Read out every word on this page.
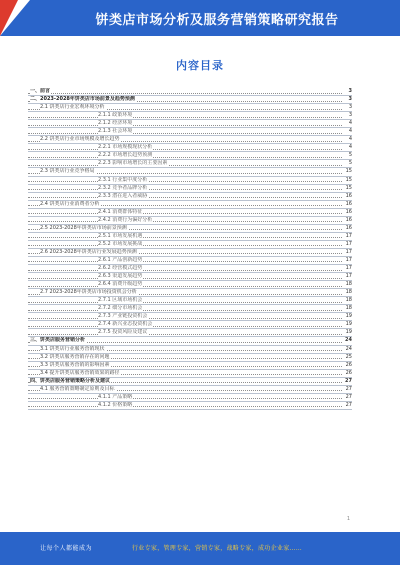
饼类店市场分析及服务营销策略研究报告
内容目录
一、前言	3
二、2023-2028年饼类店市场前景及趋势预测	3
2.1 饼类店行业宏观环境分析	3
2.1.1 政策环境	3
2.1.2 经济环境	4
2.1.3 社会环境	4
2.2 饼类店行业市场规模及增长趋势	4
2.2.1 市场规模现状分析	4
2.2.2 市场增长趋势预测	5
2.2.3 影响市场增长的主要因素	5
2.3 饼类店行业竞争格局	15
2.3.1 行业集中度分析	15
2.3.2 竞争者品牌分析	15
2.3.3 潜在进入者威胁	16
2.4 饼类店行业消费者分析	16
2.4.1 消费群体特征	16
2.4.2 消费行为偏好分析	16
2.5 2023-2028年饼类店市场前景预测	16
2.5.1 市场发展机遇	17
2.5.2 市场发展挑战	17
2.6 2023-2028年饼类店行业发展趋势预测	17
2.6.1 产品创新趋势	17
2.6.2 经营模式趋势	17
2.6.3 渠道发展趋势	17
2.6.4 消费升级趋势	18
2.7 2023-2028年饼类店市场投资机会分析	18
2.7.1 区域市场机会	18
2.7.2 细分市场机会	18
2.7.3 产业链投资机会	19
2.7.4 新兴业态投资机会	19
2.7.5 投资风险及建议	19
三、饼类店服务营销分析	24
3.1 饼类店行业服务营销现状	24
3.2 饼类店服务营销存在的问题	25
3.3 饼类店服务营销的影响因素	26
3.4 提升饼类店服务营销效果的路径	26
四、饼类店服务营销策略分析及建议	27
4.1 服务营销策略制定原则及目标	27
4.1.1 产品策略	27
4.1.2 价格策略	27
1
让每个人都能成为	行业专家，管理专家，营销专家，战略专家，成功企业家……
